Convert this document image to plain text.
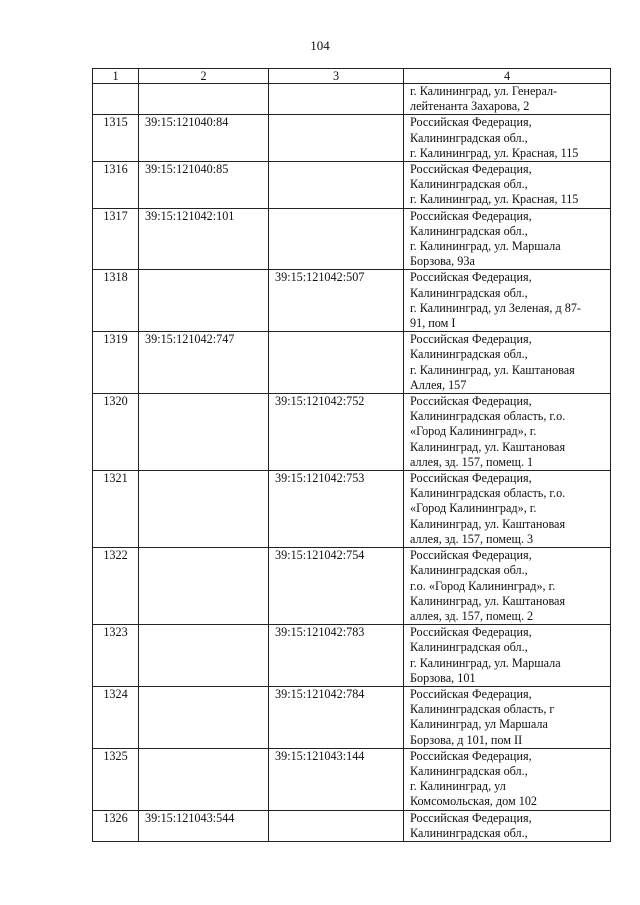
104
1	2	3	4

			г. Калининград, ул. Генерал-
лейтенанта Захарова, 2

1315	39:15:121040:84		Российская Федерация,
Калининградская обл.,
г. Калининград, ул. Красная, 115

1316	39:15:121040:85		Российская Федерация,
Калининградская обл.,
г. Калининград, ул. Красная, 115

1317	39:15:121042:101		Российская Федерация,
Калининградская обл.,
г. Калининград, ул. Маршала
Борзова, 93а

1318		39:15:121042:507	Российская Федерация,
Калининградская обл.,
г. Калининград, ул Зеленая, д 87-
91, пом I

1319	39:15:121042:747		Российская Федерация,
Калининградская обл.,
г. Калининград, ул. Каштановая
Аллея, 157

1320		39:15:121042:752	Российская Федерация,
Калининградская область, г.о.
«Город Калининград», г.
Калининград, ул. Каштановая
аллея, зд. 157, помещ. 1

1321		39:15:121042:753	Российская Федерация,
Калининградская область, г.о.
«Город Калининград», г.
Калининград, ул. Каштановая
аллея, зд. 157, помещ. 3

1322		39:15:121042:754	Российская Федерация,
Калининградская обл.,
г.о. «Город Калининград», г.
Калининград, ул. Каштановая
аллея, зд. 157, помещ. 2

1323		39:15:121042:783	Российская Федерация,
Калининградская обл.,
г. Калининград, ул. Маршала
Борзова, 101

1324		39:15:121042:784	Российская Федерация,
Калининградская область, г
Калининград, ул Маршала
Борзова, д 101, пом II

1325		39:15:121043:144	Российская Федерация,
Калининградская обл.,
г. Калининград, ул
Комсомольская, дом 102

1326	39:15:121043:544		Российская Федерация,
Калининградская обл.,
